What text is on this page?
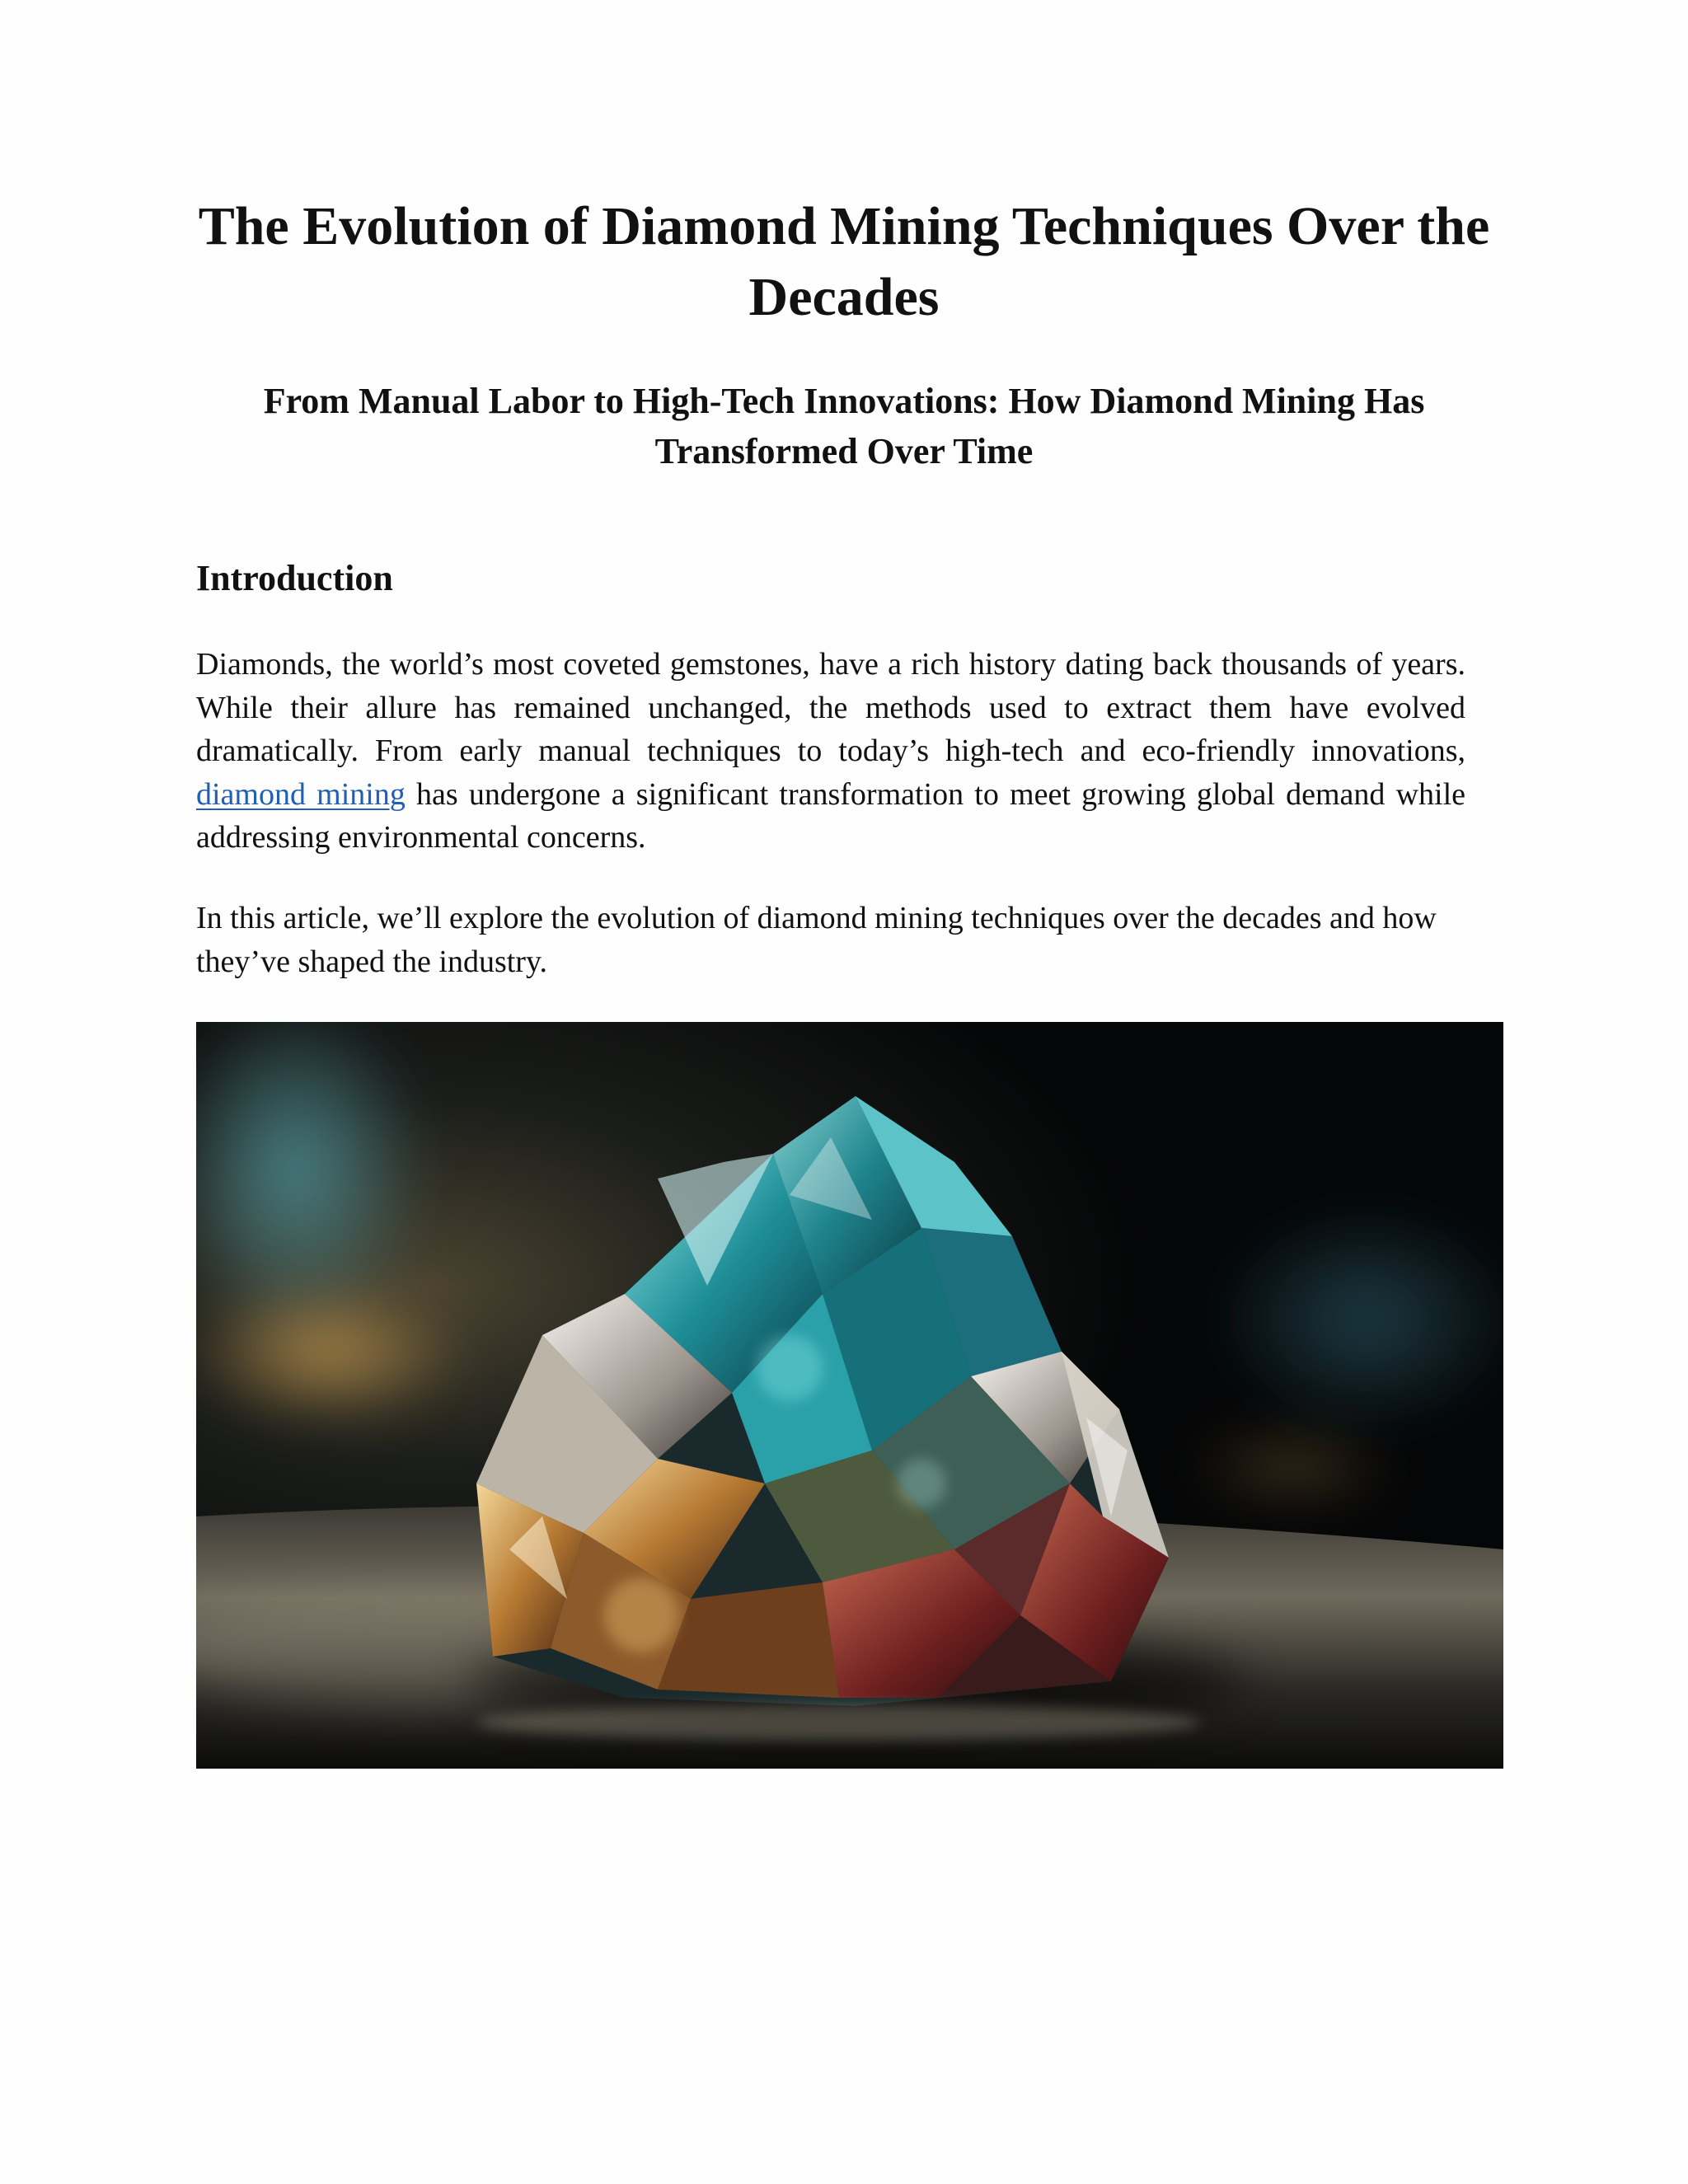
The Evolution of Diamond Mining Techniques Over the Decades
From Manual Labor to High-Tech Innovations: How Diamond Mining Has Transformed Over Time
Introduction

Diamonds, the world’s most coveted gemstones, have a rich history dating back thousands of years. While their allure has remained unchanged, the methods used to extract them have evolved dramatically. From early manual techniques to today’s high-tech and eco-friendly innovations, diamond mining has undergone a significant transformation to meet growing global demand while addressing environmental concerns.

In this article, we’ll explore the evolution of diamond mining techniques over the decades and how they’ve shaped the industry.
